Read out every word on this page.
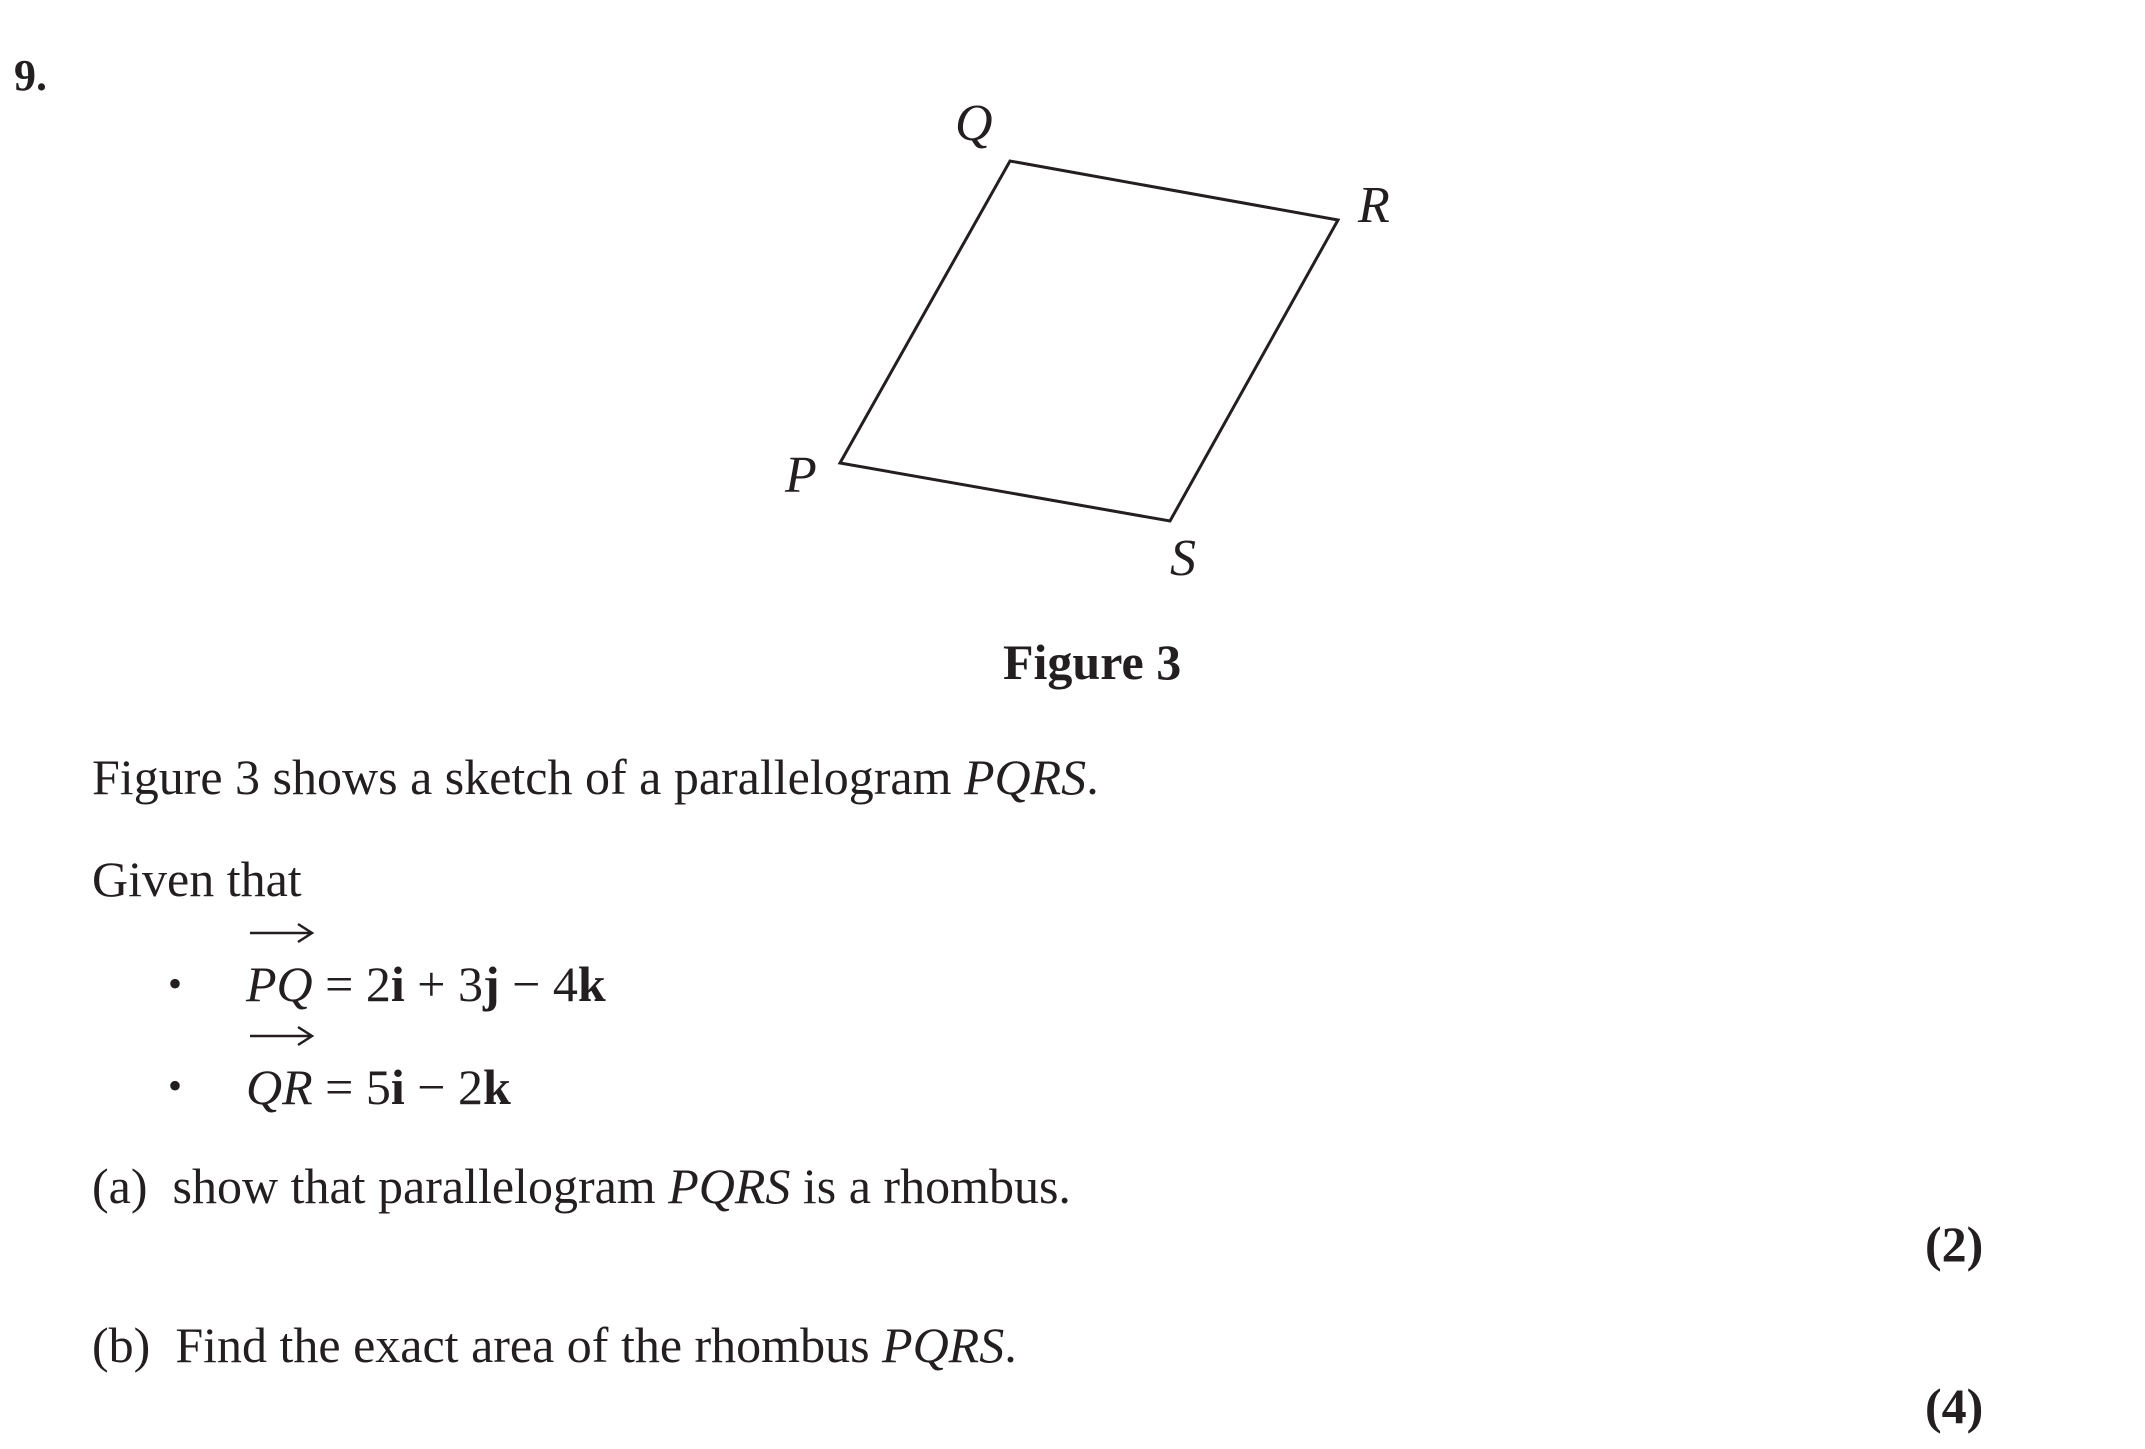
9.
Q
R
P
S
Figure 3
Figure 3 shows a sketch of a parallelogram PQRS.
Given that
• PQ = 2i + 3j − 4k
• QR = 5i − 2k
(a) show that parallelogram PQRS is a rhombus.
(2)
(b) Find the exact area of the rhombus PQRS.
(4)
